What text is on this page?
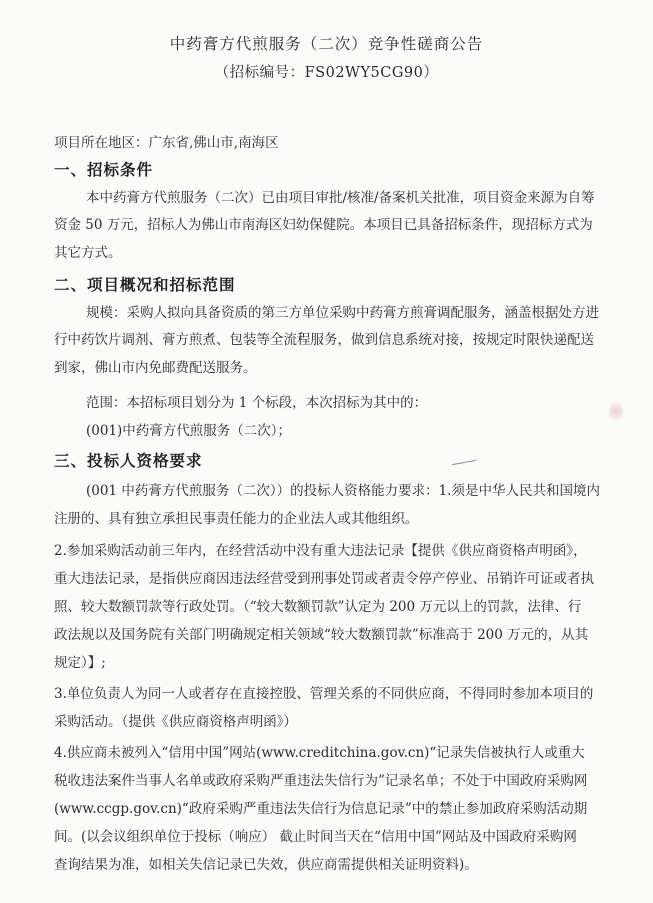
中药膏方代煎服务（二次）竞争性磋商公告
（招标编号：FS02WY5CG90）
项目所在地区：广东省,佛山市,南海区
一、招标条件
本中药膏方代煎服务（二次）已由项目审批/核准/备案机关批准，项目资金来源为自筹
资金 50 万元，招标人为佛山市南海区妇幼保健院。本项目已具备招标条件，现招标方式为
其它方式。
二、项目概况和招标范围
规模：采购人拟向具备资质的第三方单位采购中药膏方煎膏调配服务，涵盖根据处方进
行中药饮片调剂、膏方煎煮、包装等全流程服务，做到信息系统对接，按规定时限快递配送
到家，佛山市内免邮费配送服务。
范围：本招标项目划分为 1 个标段，本次招标为其中的：
(001)中药膏方代煎服务（二次）；
三、投标人资格要求
(001 中药膏方代煎服务（二次））的投标人资格能力要求：1.须是中华人民共和国境内
注册的、具有独立承担民事责任能力的企业法人或其他组织。
2.参加采购活动前三年内，在经营活动中没有重大违法记录【提供《供应商资格声明函》，
重大违法记录，是指供应商因违法经营受到刑事处罚或者责令停产停业、吊销许可证或者执
照、较大数额罚款等行政处罚。（“较大数额罚款”认定为 200 万元以上的罚款，法律、行
政法规以及国务院有关部门明确规定相关领域“较大数额罚款”标准高于 200 万元的，从其
规定）】;
3.单位负责人为同一人或者存在直接控股、管理关系的不同供应商，不得同时参加本项目的
采购活动。（提供《供应商资格声明函》）
4.供应商未被列入“信用中国”网站(www.creditchina.gov.cn)“记录失信被执行人或重大
税收违法案件当事人名单或政府采购严重违法失信行为”记录名单；不处于中国政府采购网
(www.ccgp.gov.cn)“政府采购严重违法失信行为信息记录”中的禁止参加政府采购活动期
间。(以会议组织单位于投标（响应） 截止时间当天在“信用中国”网站及中国政府采购网
查询结果为准，如相关失信记录已失效，供应商需提供相关证明资料)。
